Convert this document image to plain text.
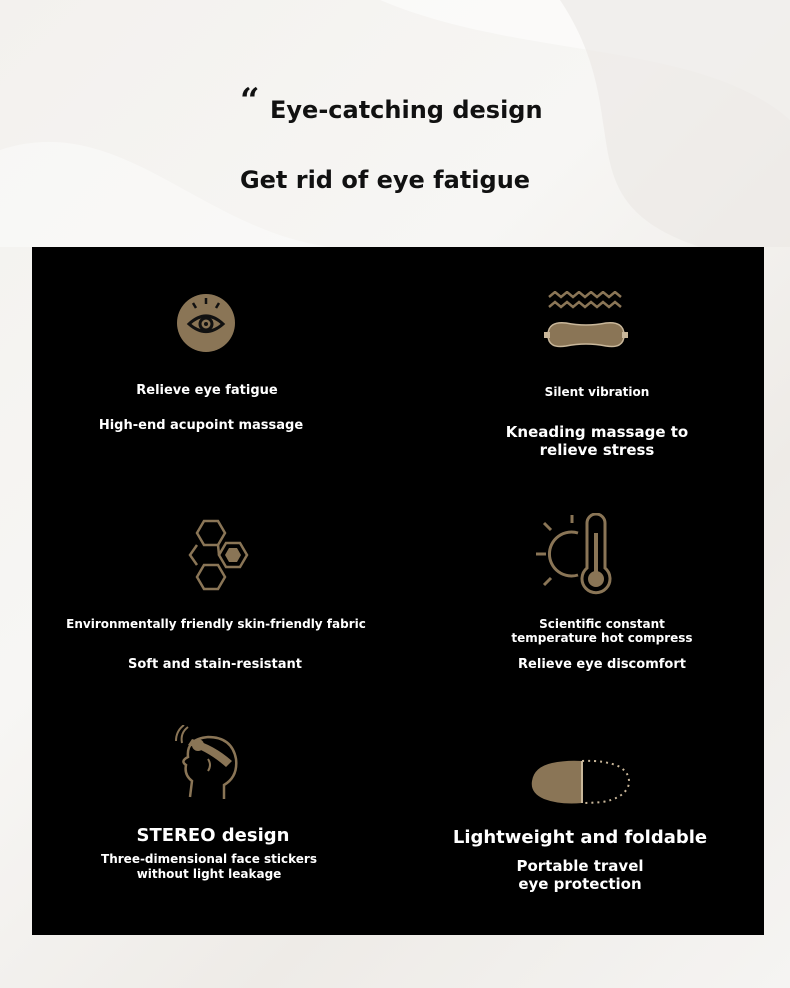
“ Eye-catching design
Get rid of eye fatigue
Relieve eye fatigue
High-end acupoint massage
Silent vibration
Kneading massage to
relieve stress
Environmentally friendly skin-friendly fabric
Soft and stain-resistant
Scientific constant
temperature hot compress
Relieve eye discomfort
STEREO design
Three-dimensional face stickers
without light leakage
Lightweight and foldable
Portable travel
eye protection
